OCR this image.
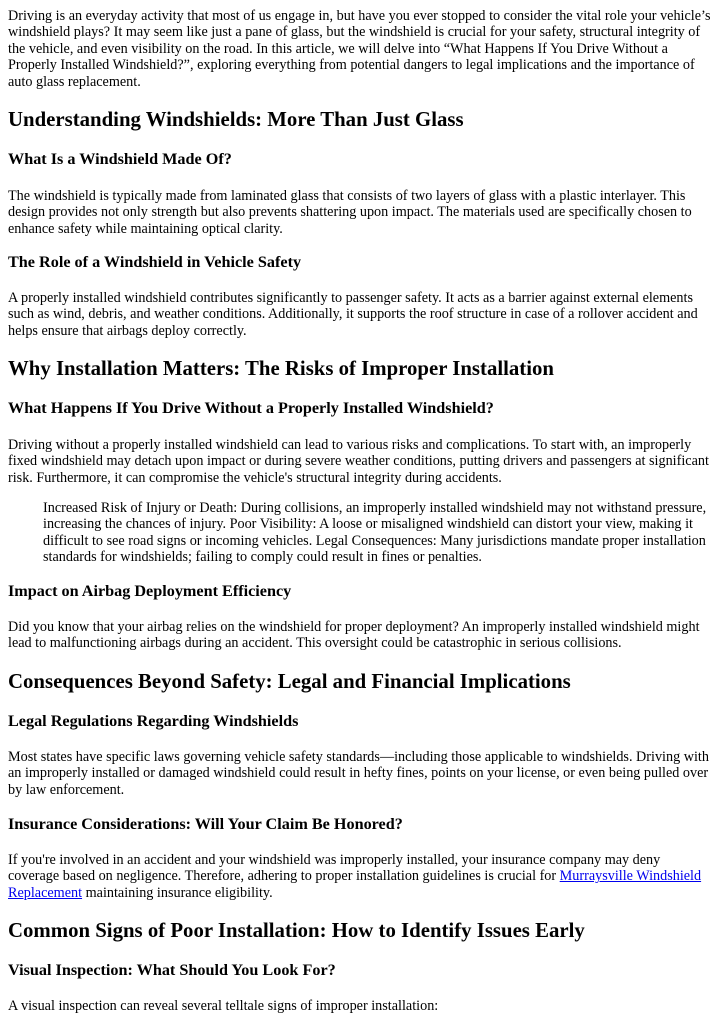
Driving is an everyday activity that most of us engage in, but have you ever stopped to consider the vital role your vehicle’s windshield plays? It may seem like just a pane of glass, but the windshield is crucial for your safety, structural integrity of the vehicle, and even visibility on the road. In this article, we will delve into “What Happens If You Drive Without a Properly Installed Windshield?”, exploring everything from potential dangers to legal implications and the importance of auto glass replacement.

Understanding Windshields: More Than Just Glass
What Is a Windshield Made Of?

The windshield is typically made from laminated glass that consists of two layers of glass with a plastic interlayer. This design provides not only strength but also prevents shattering upon impact. The materials used are specifically chosen to enhance safety while maintaining optical clarity.

The Role of a Windshield in Vehicle Safety

A properly installed windshield contributes significantly to passenger safety. It acts as a barrier against external elements such as wind, debris, and weather conditions. Additionally, it supports the roof structure in case of a rollover accident and helps ensure that airbags deploy correctly.

Why Installation Matters: The Risks of Improper Installation
What Happens If You Drive Without a Properly Installed Windshield?

Driving without a properly installed windshield can lead to various risks and complications. To start with, an improperly fixed windshield may detach upon impact or during severe weather conditions, putting drivers and passengers at significant risk. Furthermore, it can compromise the vehicle's structural integrity during accidents.

Increased Risk of Injury or Death: During collisions, an improperly installed windshield may not withstand pressure, increasing the chances of injury. Poor Visibility: A loose or misaligned windshield can distort your view, making it difficult to see road signs or incoming vehicles. Legal Consequences: Many jurisdictions mandate proper installation standards for windshields; failing to comply could result in fines or penalties.
Impact on Airbag Deployment Efficiency

Did you know that your airbag relies on the windshield for proper deployment? An improperly installed windshield might lead to malfunctioning airbags during an accident. This oversight could be catastrophic in serious collisions.

Consequences Beyond Safety: Legal and Financial Implications
Legal Regulations Regarding Windshields

Most states have specific laws governing vehicle safety standards—including those applicable to windshields. Driving with an improperly installed or damaged windshield could result in hefty fines, points on your license, or even being pulled over by law enforcement.

Insurance Considerations: Will Your Claim Be Honored?

If you're involved in an accident and your windshield was improperly installed, your insurance company may deny coverage based on negligence. Therefore, adhering to proper installation guidelines is crucial for Murraysville Windshield Replacement maintaining insurance eligibility.

Common Signs of Poor Installation: How to Identify Issues Early
Visual Inspection: What Should You Look For?

A visual inspection can reveal several telltale signs of improper installation:
